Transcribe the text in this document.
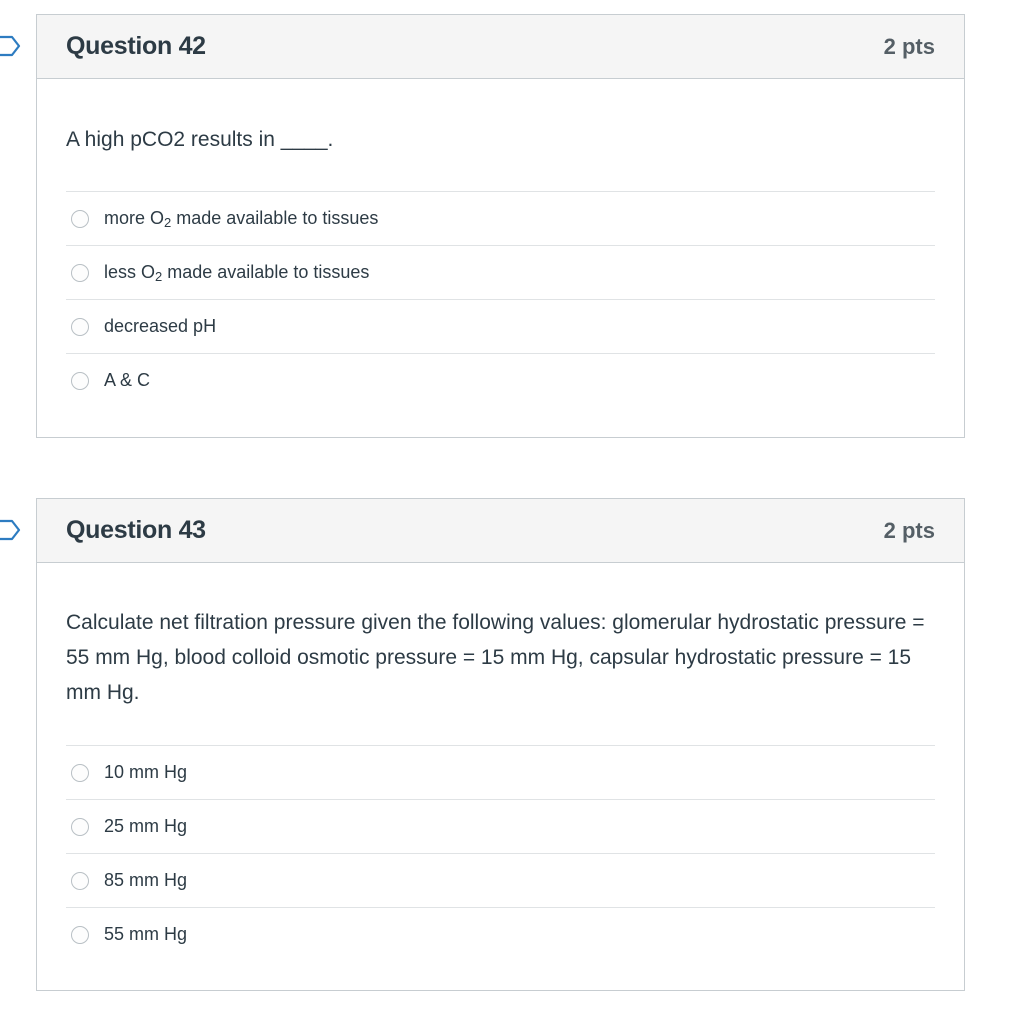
Question 42	2 pts
A high pCO2 results in ____.
more $O_2$ made available to tissues
less $O_2$ made available to tissues
decreased pH
A & C
Question 43	2 pts
Calculate net filtration pressure given the following values: glomerular hydrostatic pressure = 55 mm Hg, blood colloid osmotic pressure = 15 mm Hg, capsular hydrostatic pressure = 15 mm Hg.
10 mm Hg
25 mm Hg
85 mm Hg
55 mm Hg
